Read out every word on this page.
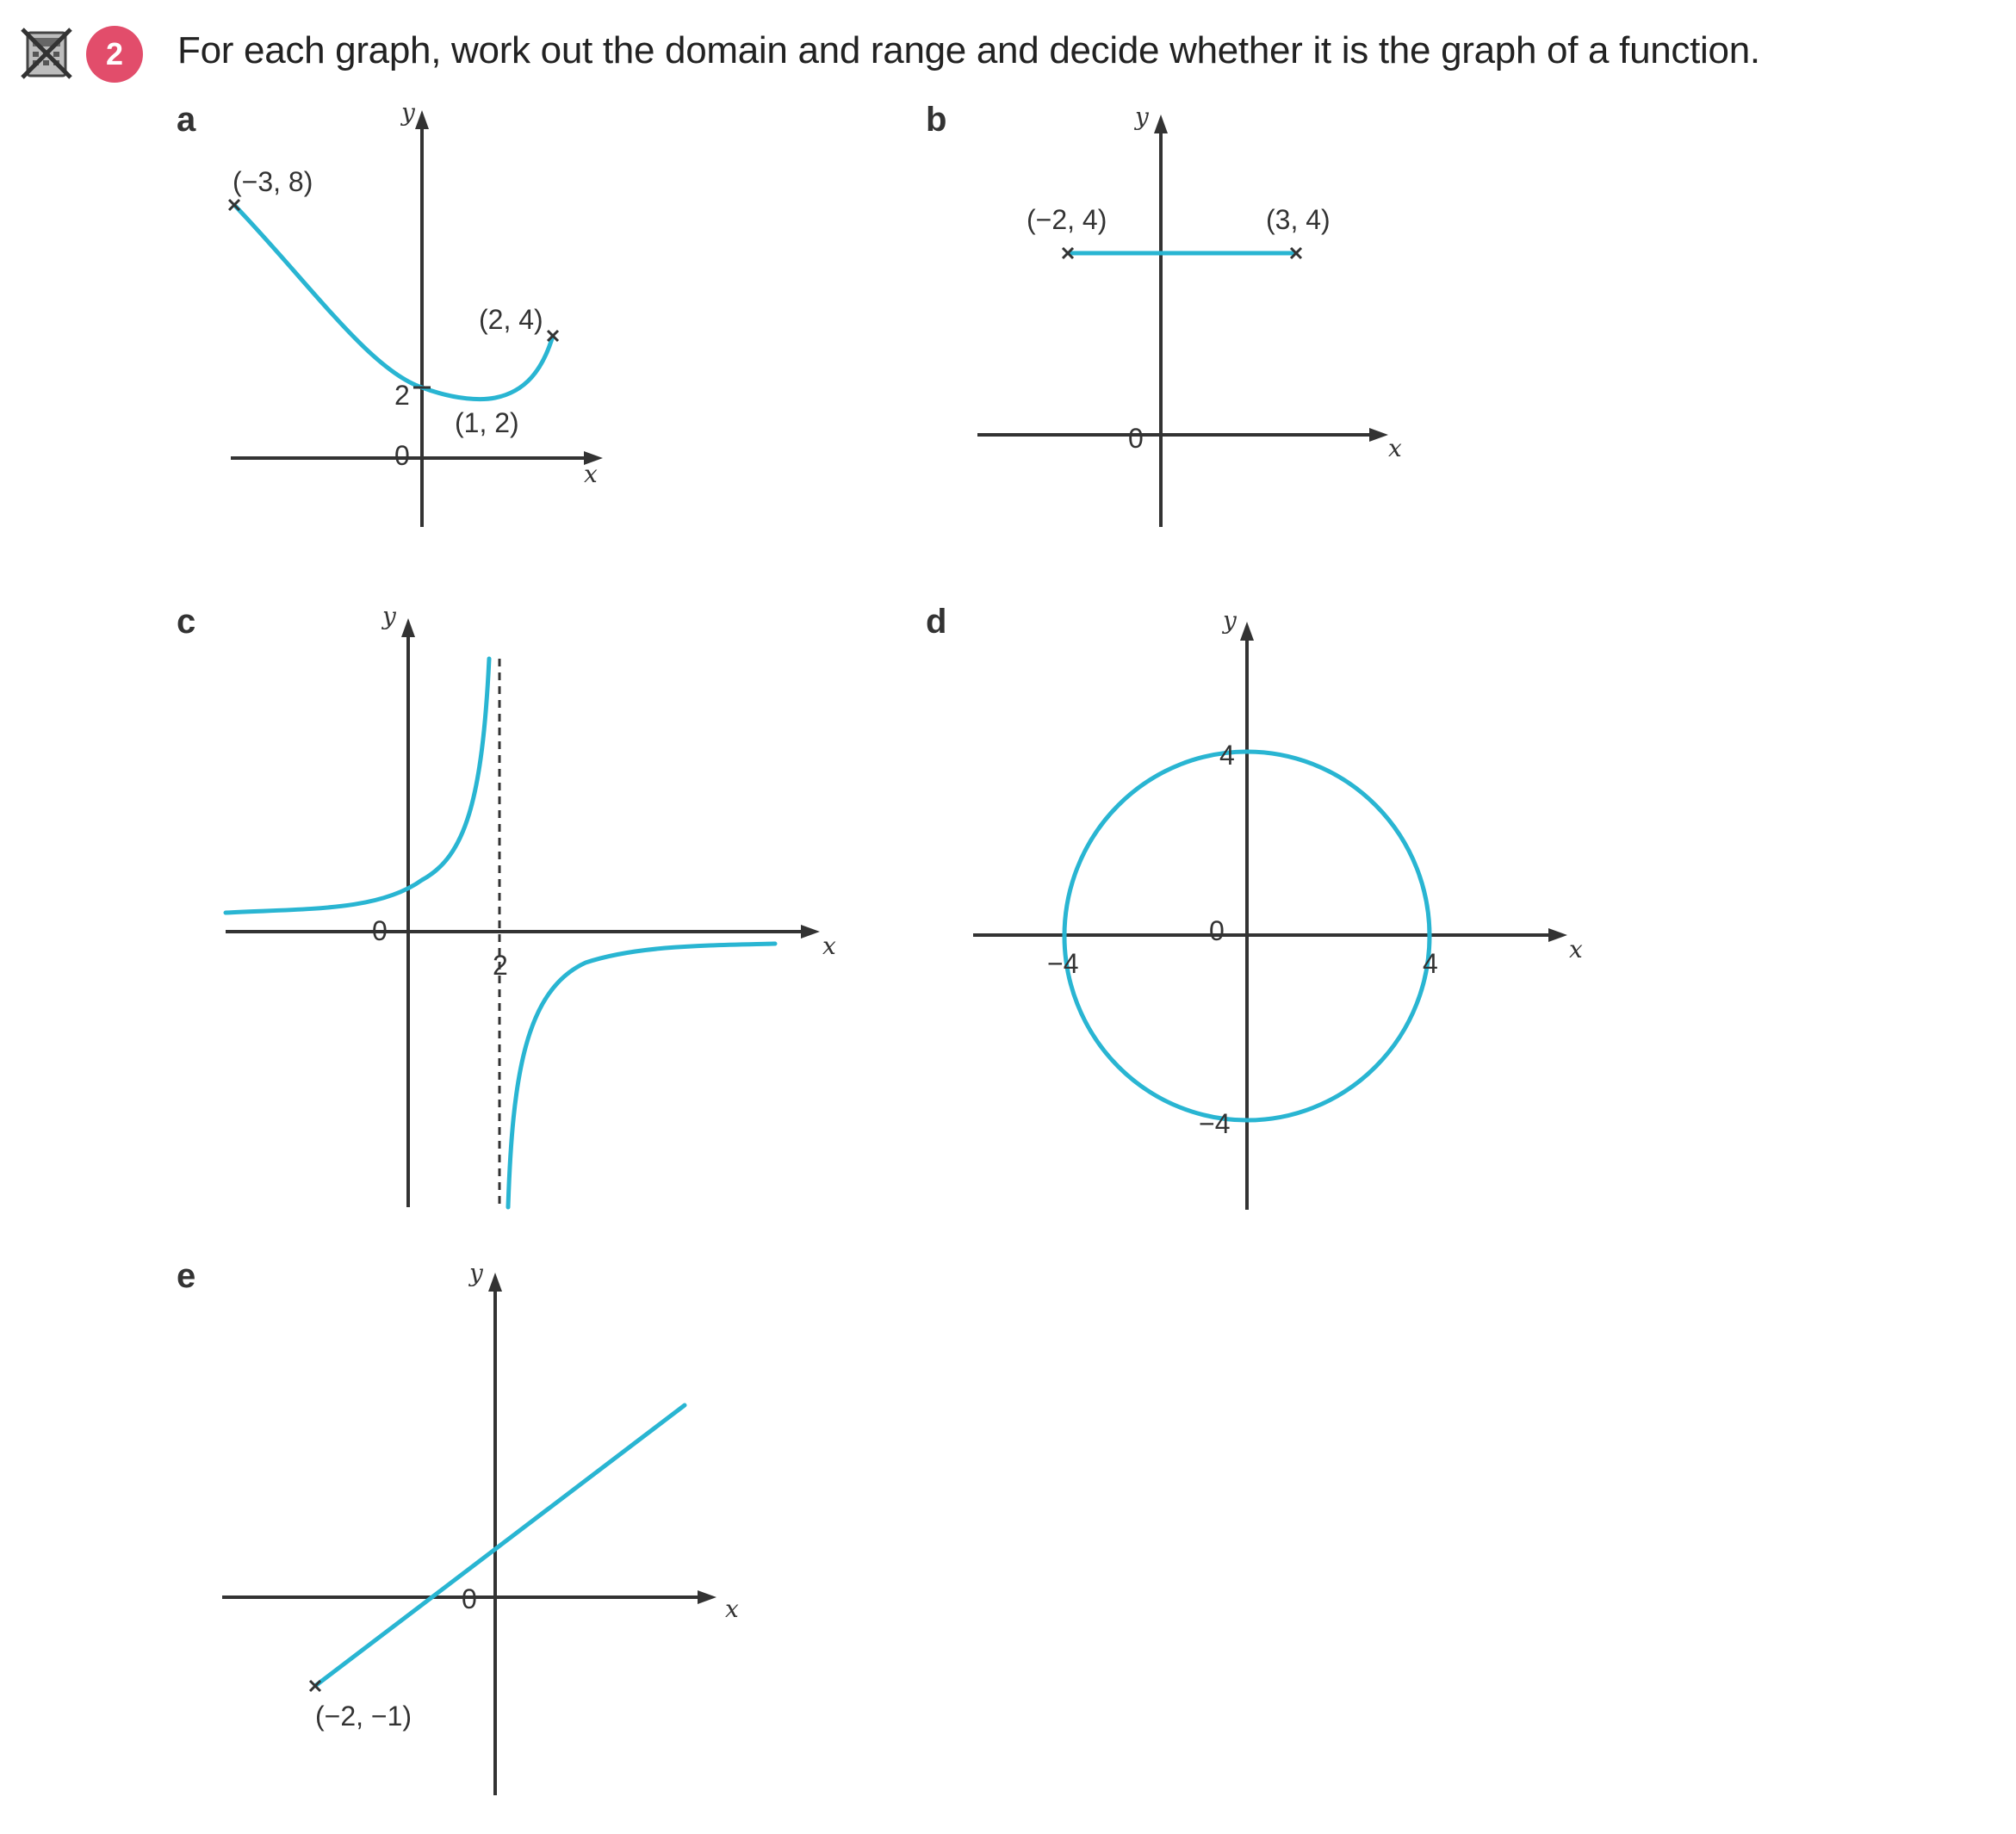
2	For each graph, work out the domain and range and decide whether it is the graph of a function.
a
x
y
0
(−3, 8)
(2, 4)
(1, 2)
2
b
x
y
0
(−2, 4)	(3, 4)
c
x
y
0
2
d
x
y
0
−4	4
4
−4
e
x
y
0
(−2, −1)
